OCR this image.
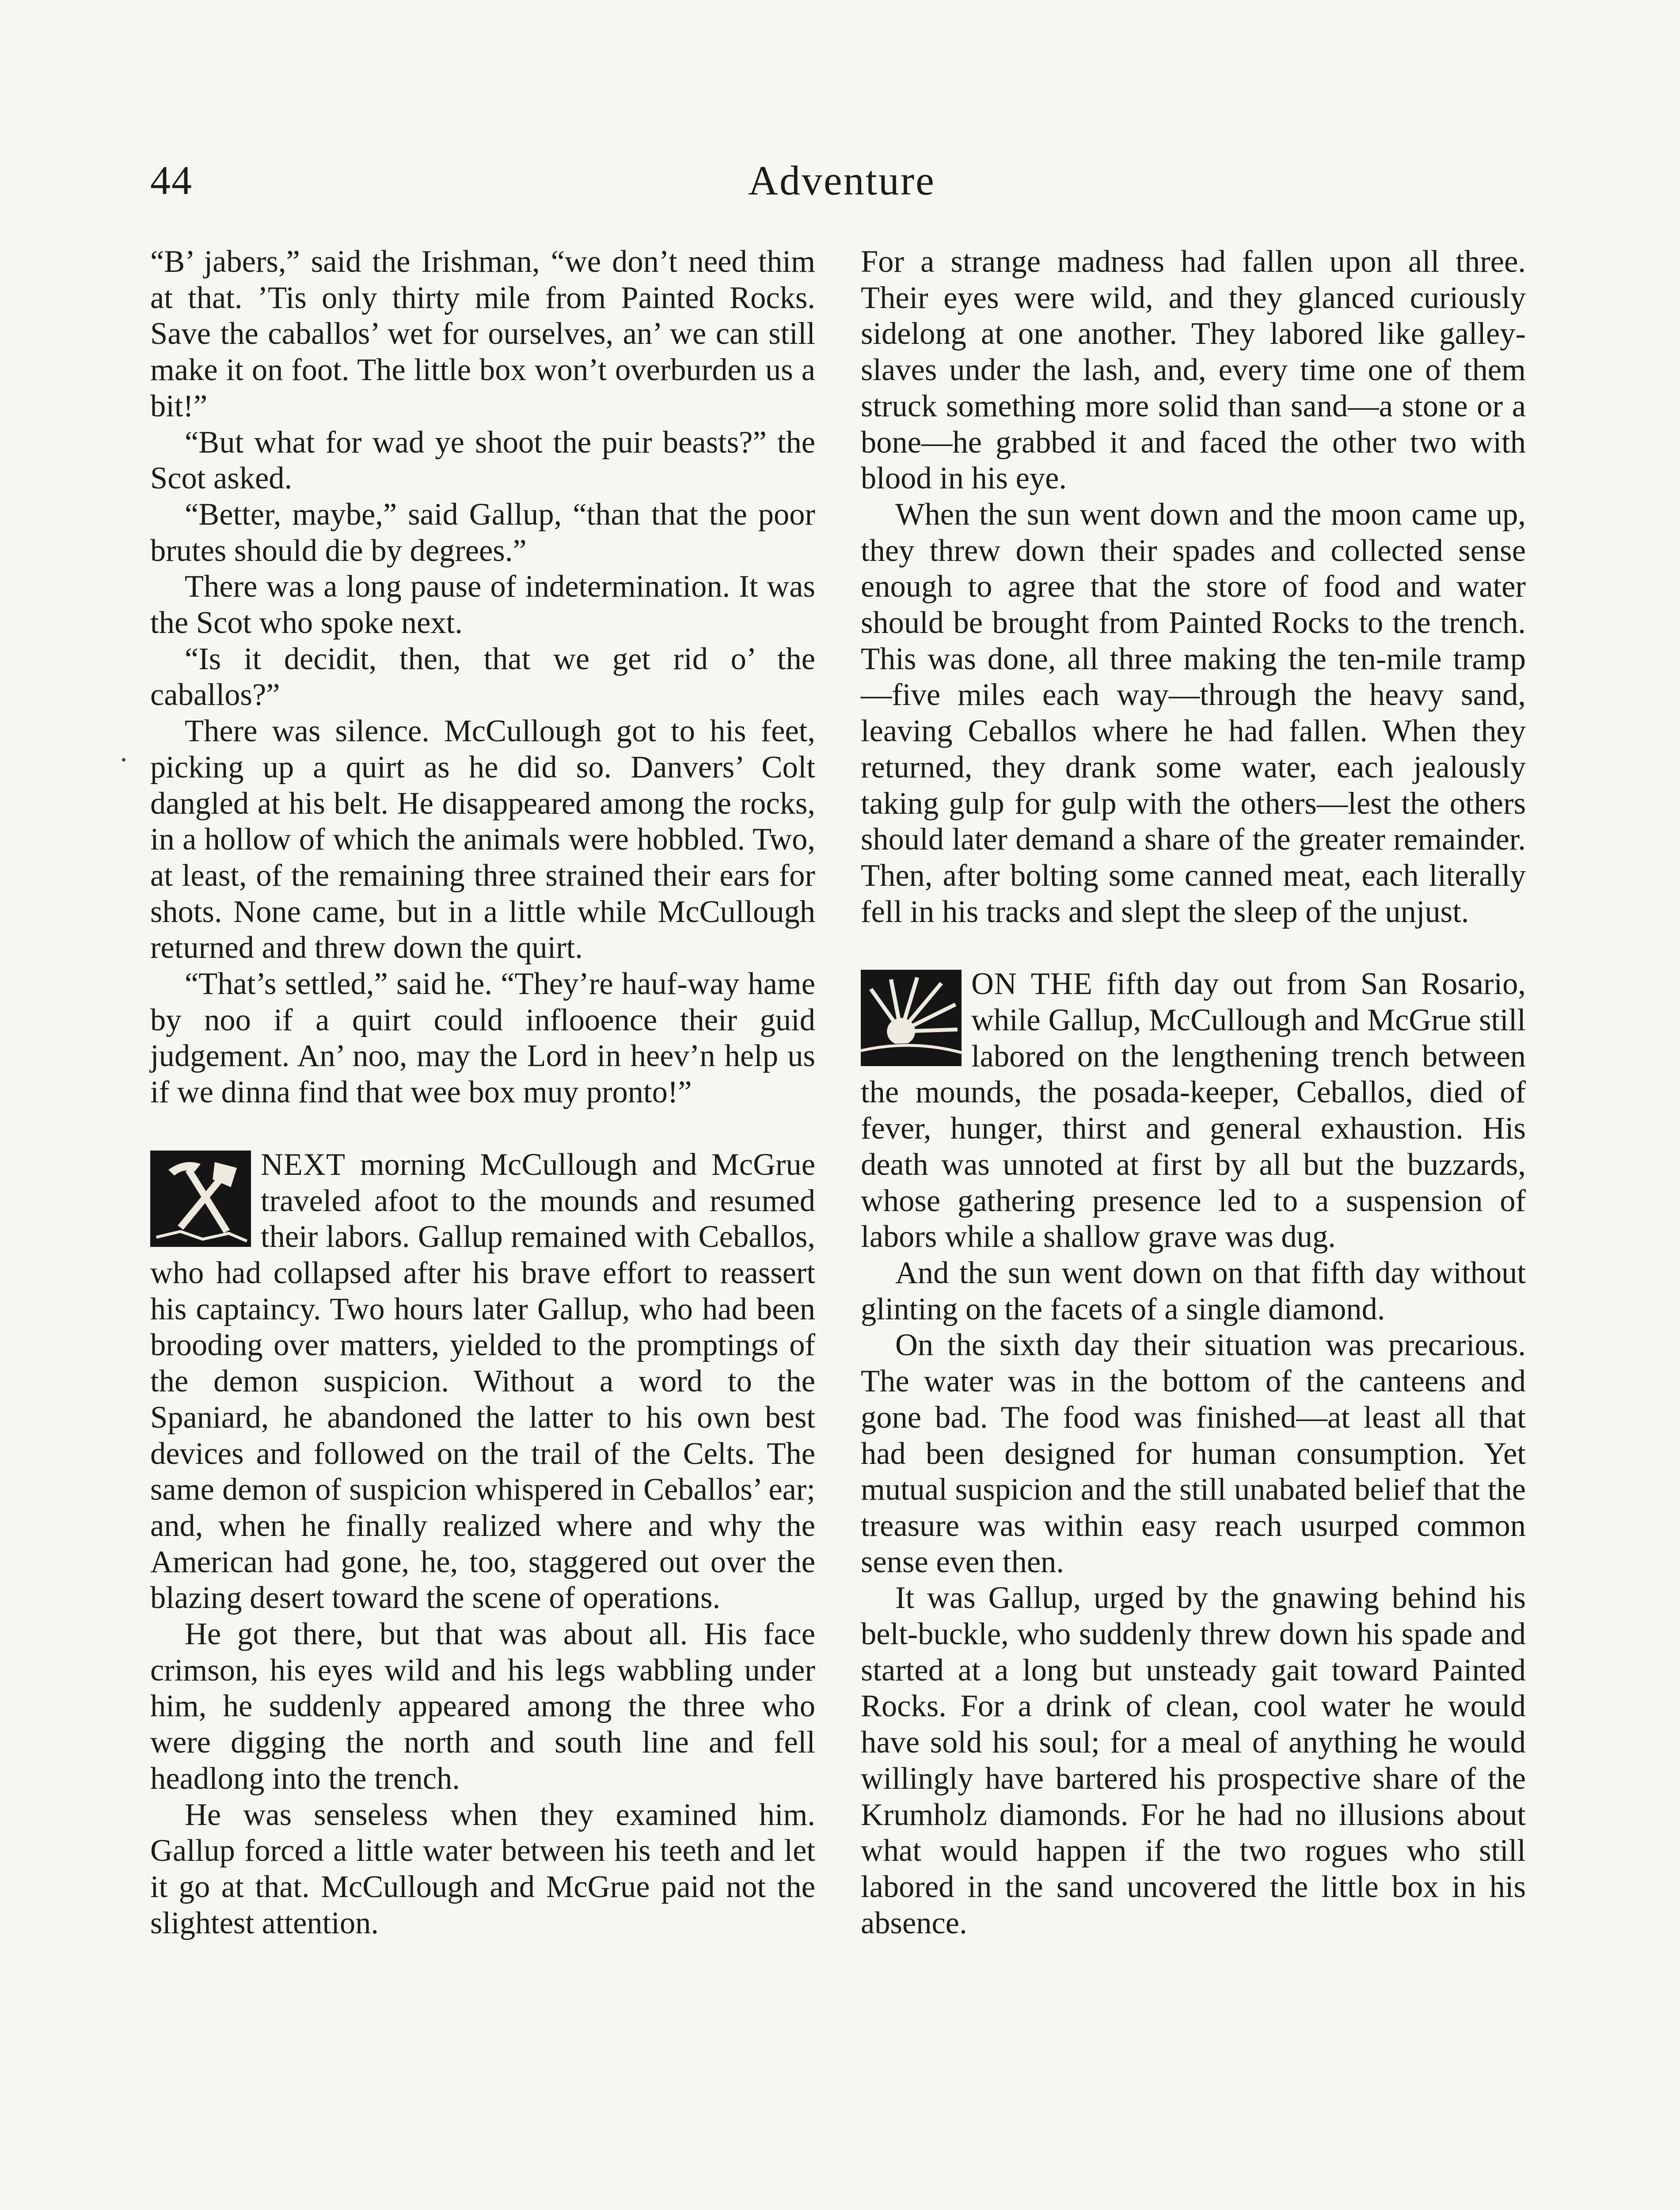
44	Adventure

“B’ jabers,” said the Irishman, “we don’t need thim at that. ’Tis only thirty mile from Painted Rocks. Save the caballos’ wet for ourselves, an’ we can still make it on foot. The little box won’t overburden us a bit!”

“But what for wad ye shoot the puir beasts?” the Scot asked.

“Better, maybe,” said Gallup, “than that the poor brutes should die by degrees.”

There was a long pause of indetermination. It was the Scot who spoke next.

“Is it decidit, then, that we get rid o’ the caballos?”

There was silence. McCullough got to his feet, picking up a quirt as he did so. Danvers’ Colt dangled at his belt. He disappeared among the rocks, in a hollow of which the animals were hobbled. Two, at least, of the remaining three strained their ears for shots. None came, but in a little while McCullough returned and threw down the quirt.

“That’s settled,” said he. “They’re hauf-way hame by noo if a quirt could inflooence their guid judgement. An’ noo, may the Lord in heev’n help us if we dinna find that wee box muy pronto!”

NEXT morning McCullough and McGrue traveled afoot to the mounds and resumed their labors. Gallup remained with Ceballos, who had collapsed after his brave effort to reassert his captaincy. Two hours later Gallup, who had been brooding over matters, yielded to the promptings of the demon suspicion. Without a word to the Spaniard, he abandoned the latter to his own best devices and followed on the trail of the Celts. The same demon of suspicion whispered in Ceballos’ ear; and, when he finally realized where and why the American had gone, he, too, staggered out over the blazing desert toward the scene of operations.

He got there, but that was about all. His face crimson, his eyes wild and his legs wabbling under him, he suddenly appeared among the three who were digging the north and south line and fell headlong into the trench.

He was senseless when they examined him. Gallup forced a little water between his teeth and let it go at that. McCullough and McGrue paid not the slightest attention.

For a strange madness had fallen upon all three. Their eyes were wild, and they glanced curiously sidelong at one another. They labored like galley-slaves under the lash, and, every time one of them struck something more solid than sand—a stone or a bone—he grabbed it and faced the other two with blood in his eye.

When the sun went down and the moon came up, they threw down their spades and collected sense enough to agree that the store of food and water should be brought from Painted Rocks to the trench. This was done, all three making the ten-mile tramp—five miles each way—through the heavy sand, leaving Ceballos where he had fallen. When they returned, they drank some water, each jealously taking gulp for gulp with the others—lest the others should later demand a share of the greater remainder. Then, after bolting some canned meat, each literally fell in his tracks and slept the sleep of the unjust.

ON THE fifth day out from San Rosario, while Gallup, McCullough and McGrue still labored on the lengthening trench between the mounds, the posada-keeper, Ceballos, died of fever, hunger, thirst and general exhaustion. His death was unnoted at first by all but the buzzards, whose gathering presence led to a suspension of labors while a shallow grave was dug.

And the sun went down on that fifth day without glinting on the facets of a single diamond.

On the sixth day their situation was precarious. The water was in the bottom of the canteens and gone bad. The food was finished—at least all that had been designed for human consumption. Yet mutual suspicion and the still unabated belief that the treasure was within easy reach usurped common sense even then.

It was Gallup, urged by the gnawing behind his belt-buckle, who suddenly threw down his spade and started at a long but unsteady gait toward Painted Rocks. For a drink of clean, cool water he would have sold his soul; for a meal of anything he would willingly have bartered his prospective share of the Krumholz diamonds. For he had no illusions about what would happen if the two rogues who still labored in the sand uncovered the little box in his absence.
